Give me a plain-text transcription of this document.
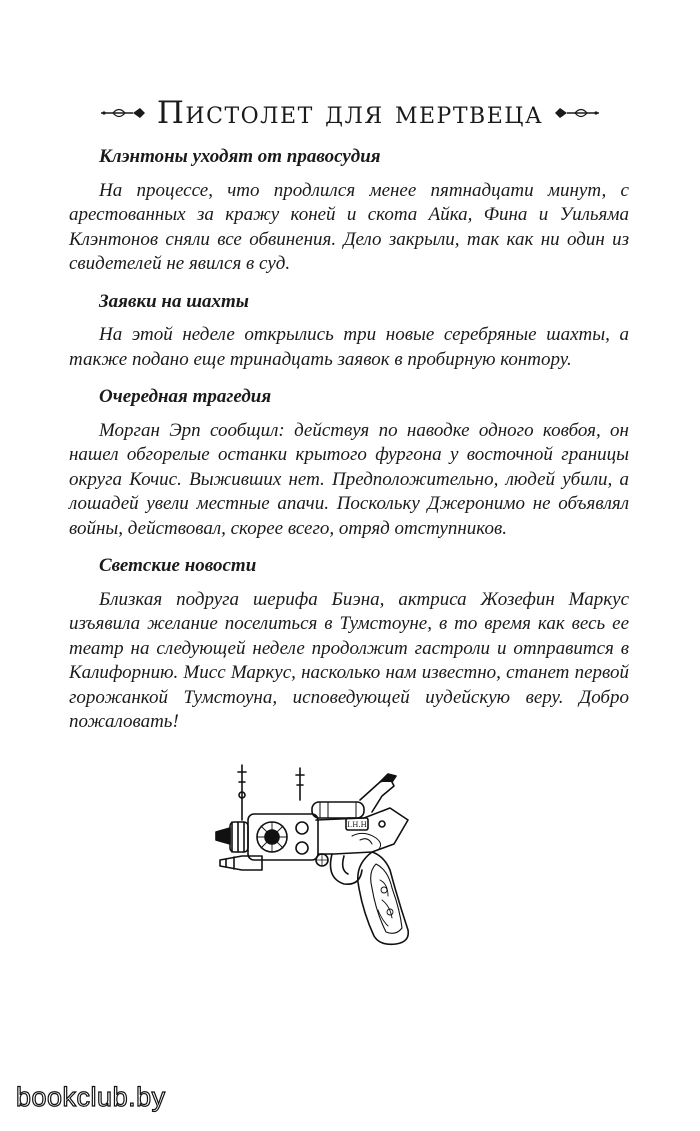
Пистолет для мертвеца

Клэнтоны уходят от правосудия

На процессе, что продлился менее пятнадцати минут, с арестованных за кражу коней и скота Айка, Фина и Уильяма Клэнтонов сняли все обвинения. Дело закрыли, так как ни один из свидетелей не явился в суд.

Заявки на шахты

На этой неделе открылись три новые серебряные шахты, а также подано еще тринадцать заявок в пробирную контору.

Очередная трагедия

Морган Эрп сообщил: действуя по наводке одного ковбоя, он нашел обгорелые останки крытого фургона у восточной границы округа Кочис. Выживших нет. Предположительно, людей убили, а лошадей увели местные апачи. Поскольку Джеронимо не объявлял войны, действовал, скорее всего, отряд отступников.

Светские новости

Близкая подруга шерифа Биэна, актриса Жозефин Маркус изъявила желание поселиться в Тумстоуне, в то время как весь ее театр на следующей неделе продолжит гастроли и отправится в Калифорнию. Мисс Маркус, насколько нам известно, станет первой горожанкой Тумстоуна, исповедующей иудейскую веру. Добро пожаловать!

I.H.H
bookclub.by
